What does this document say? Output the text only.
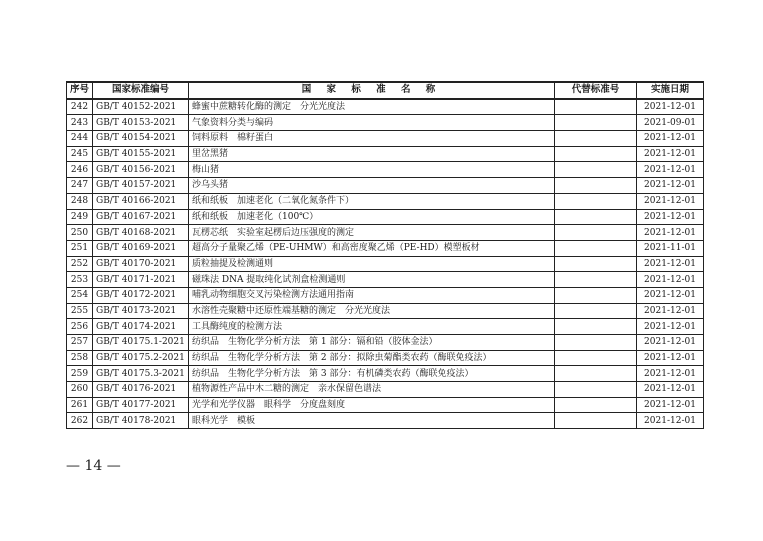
序号	国家标准编号	国 家 标 准 名 称	代替标准号	实施日期
242	GB/T 40152-2021	蜂蜜中蔗糖转化酶的测定　分光光度法		2021-12-01
243	GB/T 40153-2021	气象资料分类与编码		2021-09-01
244	GB/T 40154-2021	饲料原料　棉籽蛋白		2021-12-01
245	GB/T 40155-2021	里岔黑猪		2021-12-01
246	GB/T 40156-2021	梅山猪		2021-12-01
247	GB/T 40157-2021	沙乌头猪		2021-12-01
248	GB/T 40166-2021	纸和纸板　加速老化（二氧化氮条件下）		2021-12-01
249	GB/T 40167-2021	纸和纸板　加速老化（100℃）		2021-12-01
250	GB/T 40168-2021	瓦楞芯纸　实验室起楞后边压强度的测定		2021-12-01
251	GB/T 40169-2021	超高分子量聚乙烯（PE-UHMW）和高密度聚乙烯（PE-HD）模塑板材		2021-11-01
252	GB/T 40170-2021	质粒抽提及检测通则		2021-12-01
253	GB/T 40171-2021	磁珠法 DNA 提取纯化试剂盒检测通则		2021-12-01
254	GB/T 40172-2021	哺乳动物细胞交叉污染检测方法通用指南		2021-12-01
255	GB/T 40173-2021	水溶性壳聚糖中还原性端基糖的测定　分光光度法		2021-12-01
256	GB/T 40174-2021	工具酶纯度的检测方法		2021-12-01
257	GB/T 40175.1-2021	纺织品　生物化学分析方法　第 1 部分：镉和铅（胶体金法）		2021-12-01
258	GB/T 40175.2-2021	纺织品　生物化学分析方法　第 2 部分：拟除虫菊酯类农药（酶联免疫法）		2021-12-01
259	GB/T 40175.3-2021	纺织品　生物化学分析方法　第 3 部分：有机磷类农药（酶联免疫法）		2021-12-01
260	GB/T 40176-2021	植物源性产品中木二糖的测定　亲水保留色谱法		2021-12-01
261	GB/T 40177-2021	光学和光学仪器　眼科学　分度盘刻度		2021-12-01
262	GB/T 40178-2021	眼科光学　模板		2021-12-01
— 14 —
